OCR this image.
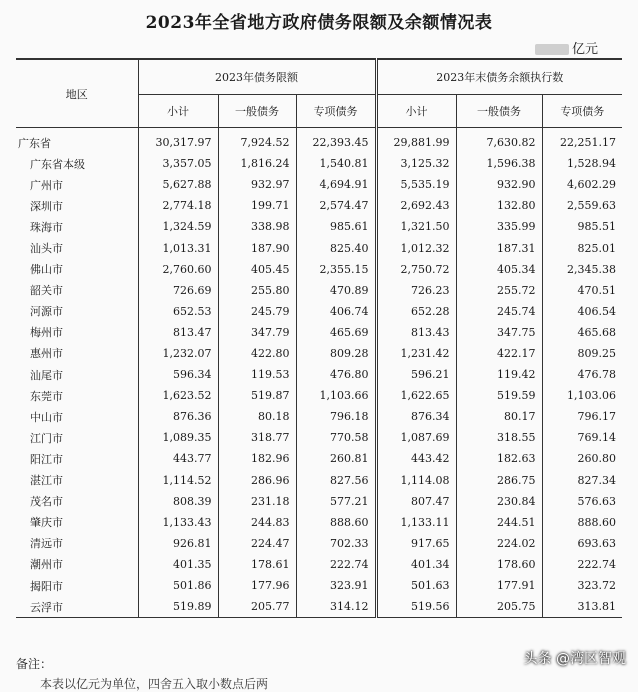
2023年全省地方政府债务限额及余额情况表
亿元
地区	2023年债务限额			2023年末债务余额执行数		
	小计	一般债务	专项债务	小计	一般债务	专项债务
广东省	30,317.97	7,924.52	22,393.45	29,881.99	7,630.82	22,251.17
广东省本级	3,357.05	1,816.24	1,540.81	3,125.32	1,596.38	1,528.94
广州市	5,627.88	932.97	4,694.91	5,535.19	932.90	4,602.29
深圳市	2,774.18	199.71	2,574.47	2,692.43	132.80	2,559.63
珠海市	1,324.59	338.98	985.61	1,321.50	335.99	985.51
汕头市	1,013.31	187.90	825.40	1,012.32	187.31	825.01
佛山市	2,760.60	405.45	2,355.15	2,750.72	405.34	2,345.38
韶关市	726.69	255.80	470.89	726.23	255.72	470.51
河源市	652.53	245.79	406.74	652.28	245.74	406.54
梅州市	813.47	347.79	465.69	813.43	347.75	465.68
惠州市	1,232.07	422.80	809.28	1,231.42	422.17	809.25
汕尾市	596.34	119.53	476.80	596.21	119.42	476.78
东莞市	1,623.52	519.87	1,103.66	1,622.65	519.59	1,103.06
中山市	876.36	80.18	796.18	876.34	80.17	796.17
江门市	1,089.35	318.77	770.58	1,087.69	318.55	769.14
阳江市	443.77	182.96	260.81	443.42	182.63	260.80
湛江市	1,114.52	286.96	827.56	1,114.08	286.75	827.34
茂名市	808.39	231.18	577.21	807.47	230.84	576.63
肇庆市	1,133.43	244.83	888.60	1,133.11	244.51	888.60
清远市	926.81	224.47	702.33	917.65	224.02	693.63
潮州市	401.35	178.61	222.74	401.34	178.60	222.74
揭阳市	501.86	177.96	323.91	501.63	177.91	323.72
云浮市	519.89	205.77	314.12	519.56	205.75	313.81
备注：
本表以亿元为单位，四舍五入取小数点后两
头条 @湾区智观
